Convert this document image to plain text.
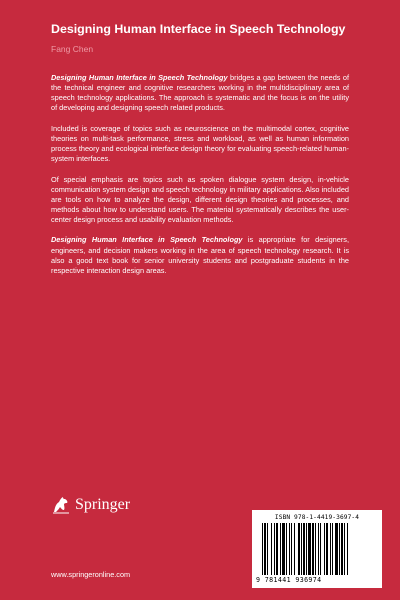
Designing Human Interface in Speech Technology
Fang Chen

Designing Human Interface in Speech Technology bridges a gap between the needs of the technical engineer and cognitive researchers working in the multidisciplinary area of speech technology applications. The approach is systematic and the focus is on the utility of developing and designing speech related products.

Included is coverage of topics such as neuroscience on the multimodal cortex, cognitive theories on multi-task performance, stress and workload, as well as human information process theory and ecological interface design theory for evaluating speech-related human-system interfaces.

Of special emphasis are topics such as spoken dialogue system design, in-vehicle communication system design and speech technology in military applications. Also included are tools on how to analyze the design, different design theories and processes, and methods about how to understand users. The material systematically describes the user-center design process and usability evaluation methods.

Designing Human Interface in Speech Technology is appropriate for designers, engineers, and decision makers working in the area of speech technology research. It is also a good text book for senior university students and postgraduate students in the respective interaction design areas.

Springer
www.springeronline.com
ISBN 978-1-4419-3697-4
9 781441 936974
